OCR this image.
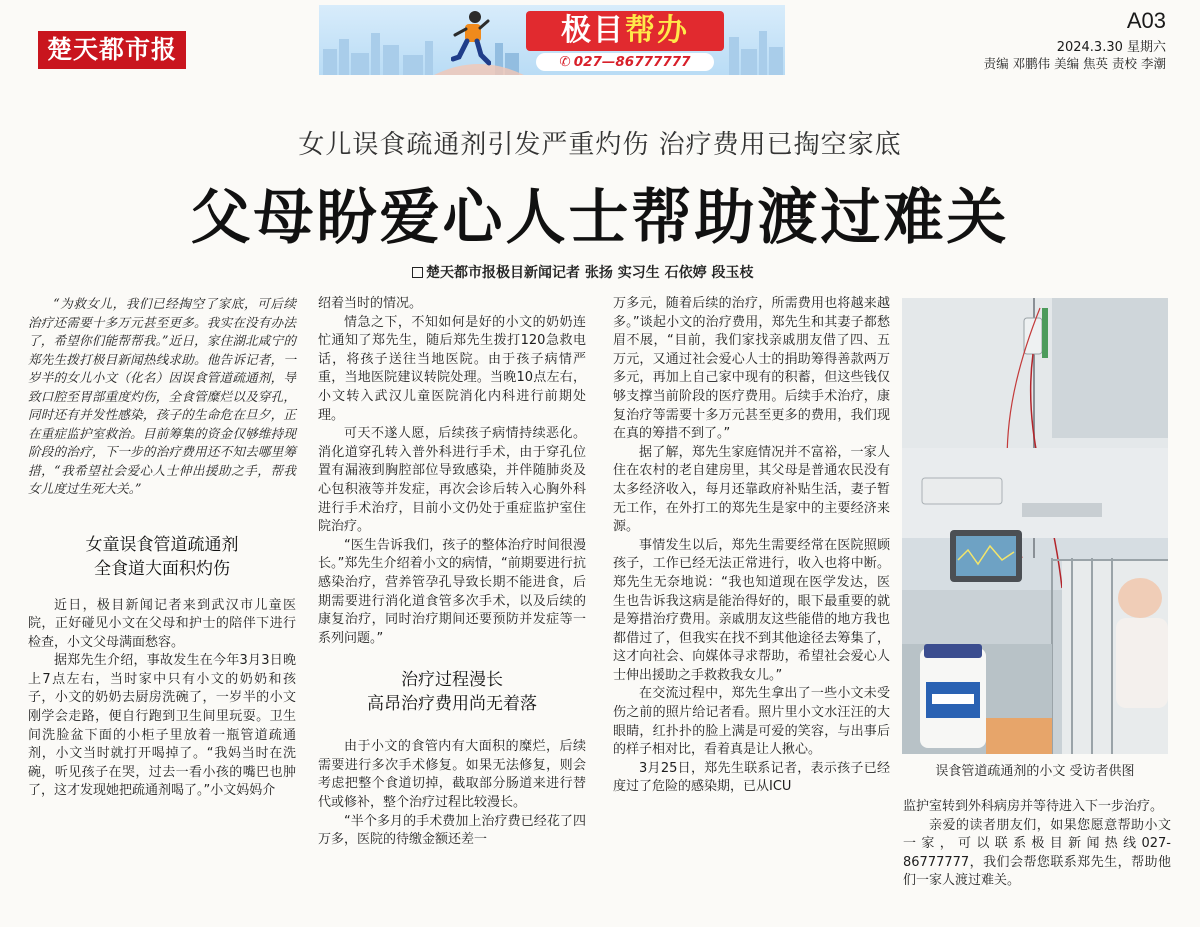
楚天都市报
极目帮办
✆ 027—86777777
A03
2024.3.30 星期六
责编 邓鹏伟 美编 焦英 责校 李潮
女儿误食疏通剂引发严重灼伤 治疗费用已掏空家底
父母盼爱心人士帮助渡过难关
楚天都市报极目新闻记者 张扬 实习生 石依婷 段玉枝

“为救女儿，我们已经掏空了家底，可后续治疗还需要十多万元甚至更多。我实在没有办法了，希望你们能帮帮我。”近日，家住湖北咸宁的郑先生拨打极目新闻热线求助。他告诉记者，一岁半的女儿小文（化名）因误食管道疏通剂，导致口腔至胃部重度灼伤，全食管糜烂以及穿孔，同时还有并发性感染，孩子的生命危在旦夕，正在重症监护室救治。目前筹集的资金仅够维持现阶段的治疗，下一步的治疗费用还不知去哪里筹措，“我希望社会爱心人士伸出援助之手，帮我女儿度过生死大关。”

女童误食管道疏通剂
全食道大面积灼伤

近日，极目新闻记者来到武汉市儿童医院，正好碰见小文在父母和护士的陪伴下进行检查，小文父母满面愁容。

据郑先生介绍，事故发生在今年3月3日晚上7点左右，当时家中只有小文的奶奶和孩子，小文的奶奶去厨房洗碗了，一岁半的小文刚学会走路，便自行跑到卫生间里玩耍。卫生间洗脸盆下面的小柜子里放着一瓶管道疏通剂，小文当时就打开喝掉了。“我妈当时在洗碗，听见孩子在哭，过去一看小孩的嘴巴也肿了，这才发现她把疏通剂喝了。”小文妈妈介

绍着当时的情况。

情急之下，不知如何是好的小文的奶奶连忙通知了郑先生，随后郑先生拨打120急救电话，将孩子送往当地医院。由于孩子病情严重，当地医院建议转院处理。当晚10点左右，小文转入武汉儿童医院消化内科进行前期处理。

可天不遂人愿，后续孩子病情持续恶化。消化道穿孔转入普外科进行手术，由于穿孔位置有漏液到胸腔部位导致感染，并伴随肺炎及心包积液等并发症，再次会诊后转入心胸外科进行手术治疗，目前小文仍处于重症监护室住院治疗。

“医生告诉我们，孩子的整体治疗时间很漫长。”郑先生介绍着小文的病情，“前期要进行抗感染治疗，营养管孕孔导致长期不能进食，后期需要进行消化道食管多次手术，以及后续的康复治疗，同时治疗期间还要预防并发症等一系列问题。”

治疗过程漫长
高昂治疗费用尚无着落

由于小文的食管内有大面积的糜烂，后续需要进行多次手术修复。如果无法修复，则会考虑把整个食道切掉，截取部分肠道来进行替代或修补，整个治疗过程比较漫长。

“半个多月的手术费加上治疗费已经花了四万多，医院的待缴金额还差一

万多元，随着后续的治疗，所需费用也将越来越多。”谈起小文的治疗费用，郑先生和其妻子都愁眉不展，“目前，我们家找亲戚朋友借了四、五万元，又通过社会爱心人士的捐助筹得善款两万多元，再加上自己家中现有的积蓄，但这些钱仅够支撑当前阶段的医疗费用。后续手术治疗，康复治疗等需要十多万元甚至更多的费用，我们现在真的筹措不到了。”

据了解，郑先生家庭情况并不富裕，一家人住在农村的老自建房里，其父母是普通农民没有太多经济收入，每月还靠政府补贴生活，妻子暂无工作，在外打工的郑先生是家中的主要经济来源。

事情发生以后，郑先生需要经常在医院照顾孩子，工作已经无法正常进行，收入也将中断。郑先生无奈地说：“我也知道现在医学发达，医生也告诉我这病是能治得好的，眼下最重要的就是筹措治疗费用。亲戚朋友这些能借的地方我也都借过了，但我实在找不到其他途径去筹集了，这才向社会、向媒体寻求帮助，希望社会爱心人士伸出援助之手救救我女儿。”

在交流过程中，郑先生拿出了一些小文未受伤之前的照片给记者看。照片里小文水汪汪的大眼睛，红扑扑的脸上满是可爱的笑容，与出事后的样子相对比，看着真是让人揪心。

3月25日，郑先生联系记者，表示孩子已经度过了危险的感染期，已从ICU

误食管道疏通剂的小文 受访者供图

监护室转到外科病房并等待进入下一步治疗。

亲爱的读者朋友们，如果您愿意帮助小文一家，可以联系极目新闻热线027-86777777，我们会帮您联系郑先生，帮助他们一家人渡过难关。
